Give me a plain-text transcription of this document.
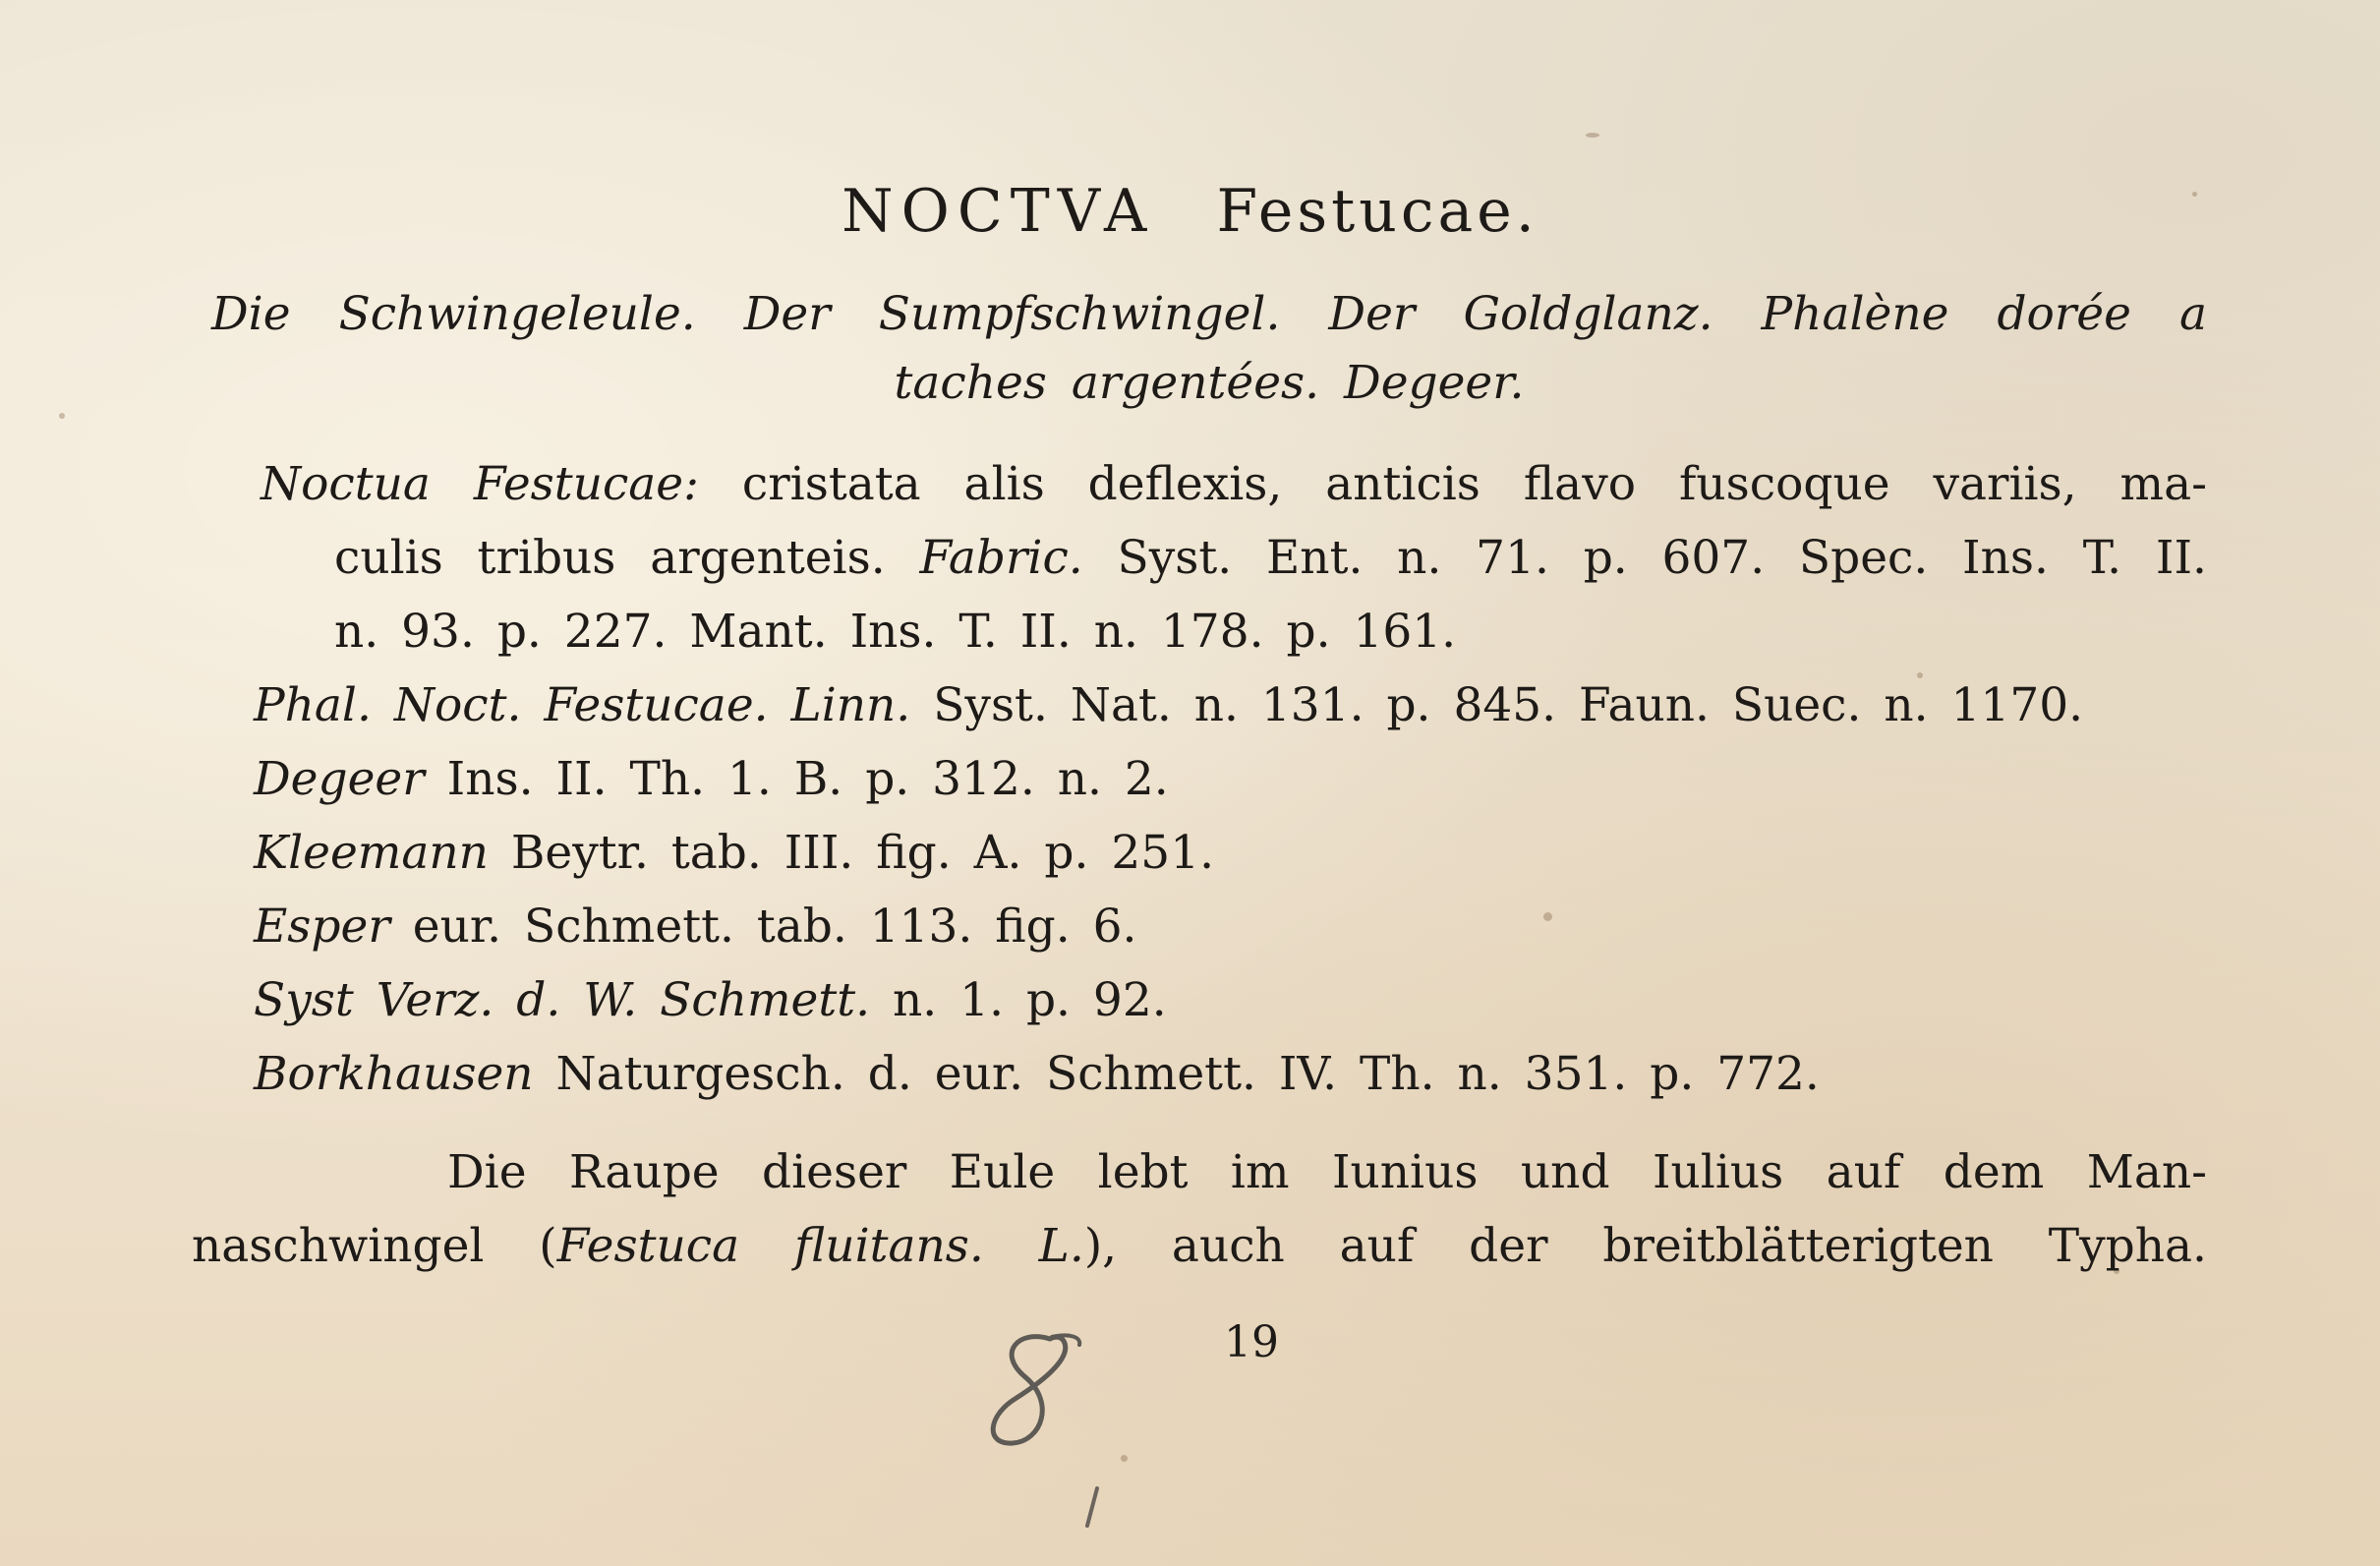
NOCTVA Festucae.
Die Schwingeleule. Der Sumpfschwingel. Der Goldglanz. Phalène dorée a
taches argentées. Degeer.
Noctua Festucae: cristata alis deflexis, anticis flavo fuscoque variis, ma-
culis tribus argenteis. Fabric. Syst. Ent. n. 71. p. 607. Spec. Ins. T. II.
n. 93. p. 227. Mant. Ins. T. II. n. 178. p. 161.
Phal. Noct. Festucae. Linn. Syst. Nat. n. 131. p. 845. Faun. Suec. n. 1170.
Degeer Ins. II. Th. 1. B. p. 312. n. 2.
Kleemann Beytr. tab. III. fig. A. p. 251.
Esper eur. Schmett. tab. 113. fig. 6.
Syst Verz. d. W. Schmett. n. 1. p. 92.
Borkhausen Naturgesch. d. eur. Schmett. IV. Th. n. 351. p. 772.
Die Raupe dieser Eule lebt im Iunius und Iulius auf dem Man-
naschwingel (Festuca fluitans. L.), auch auf der breitblätterigten Typha.
19
